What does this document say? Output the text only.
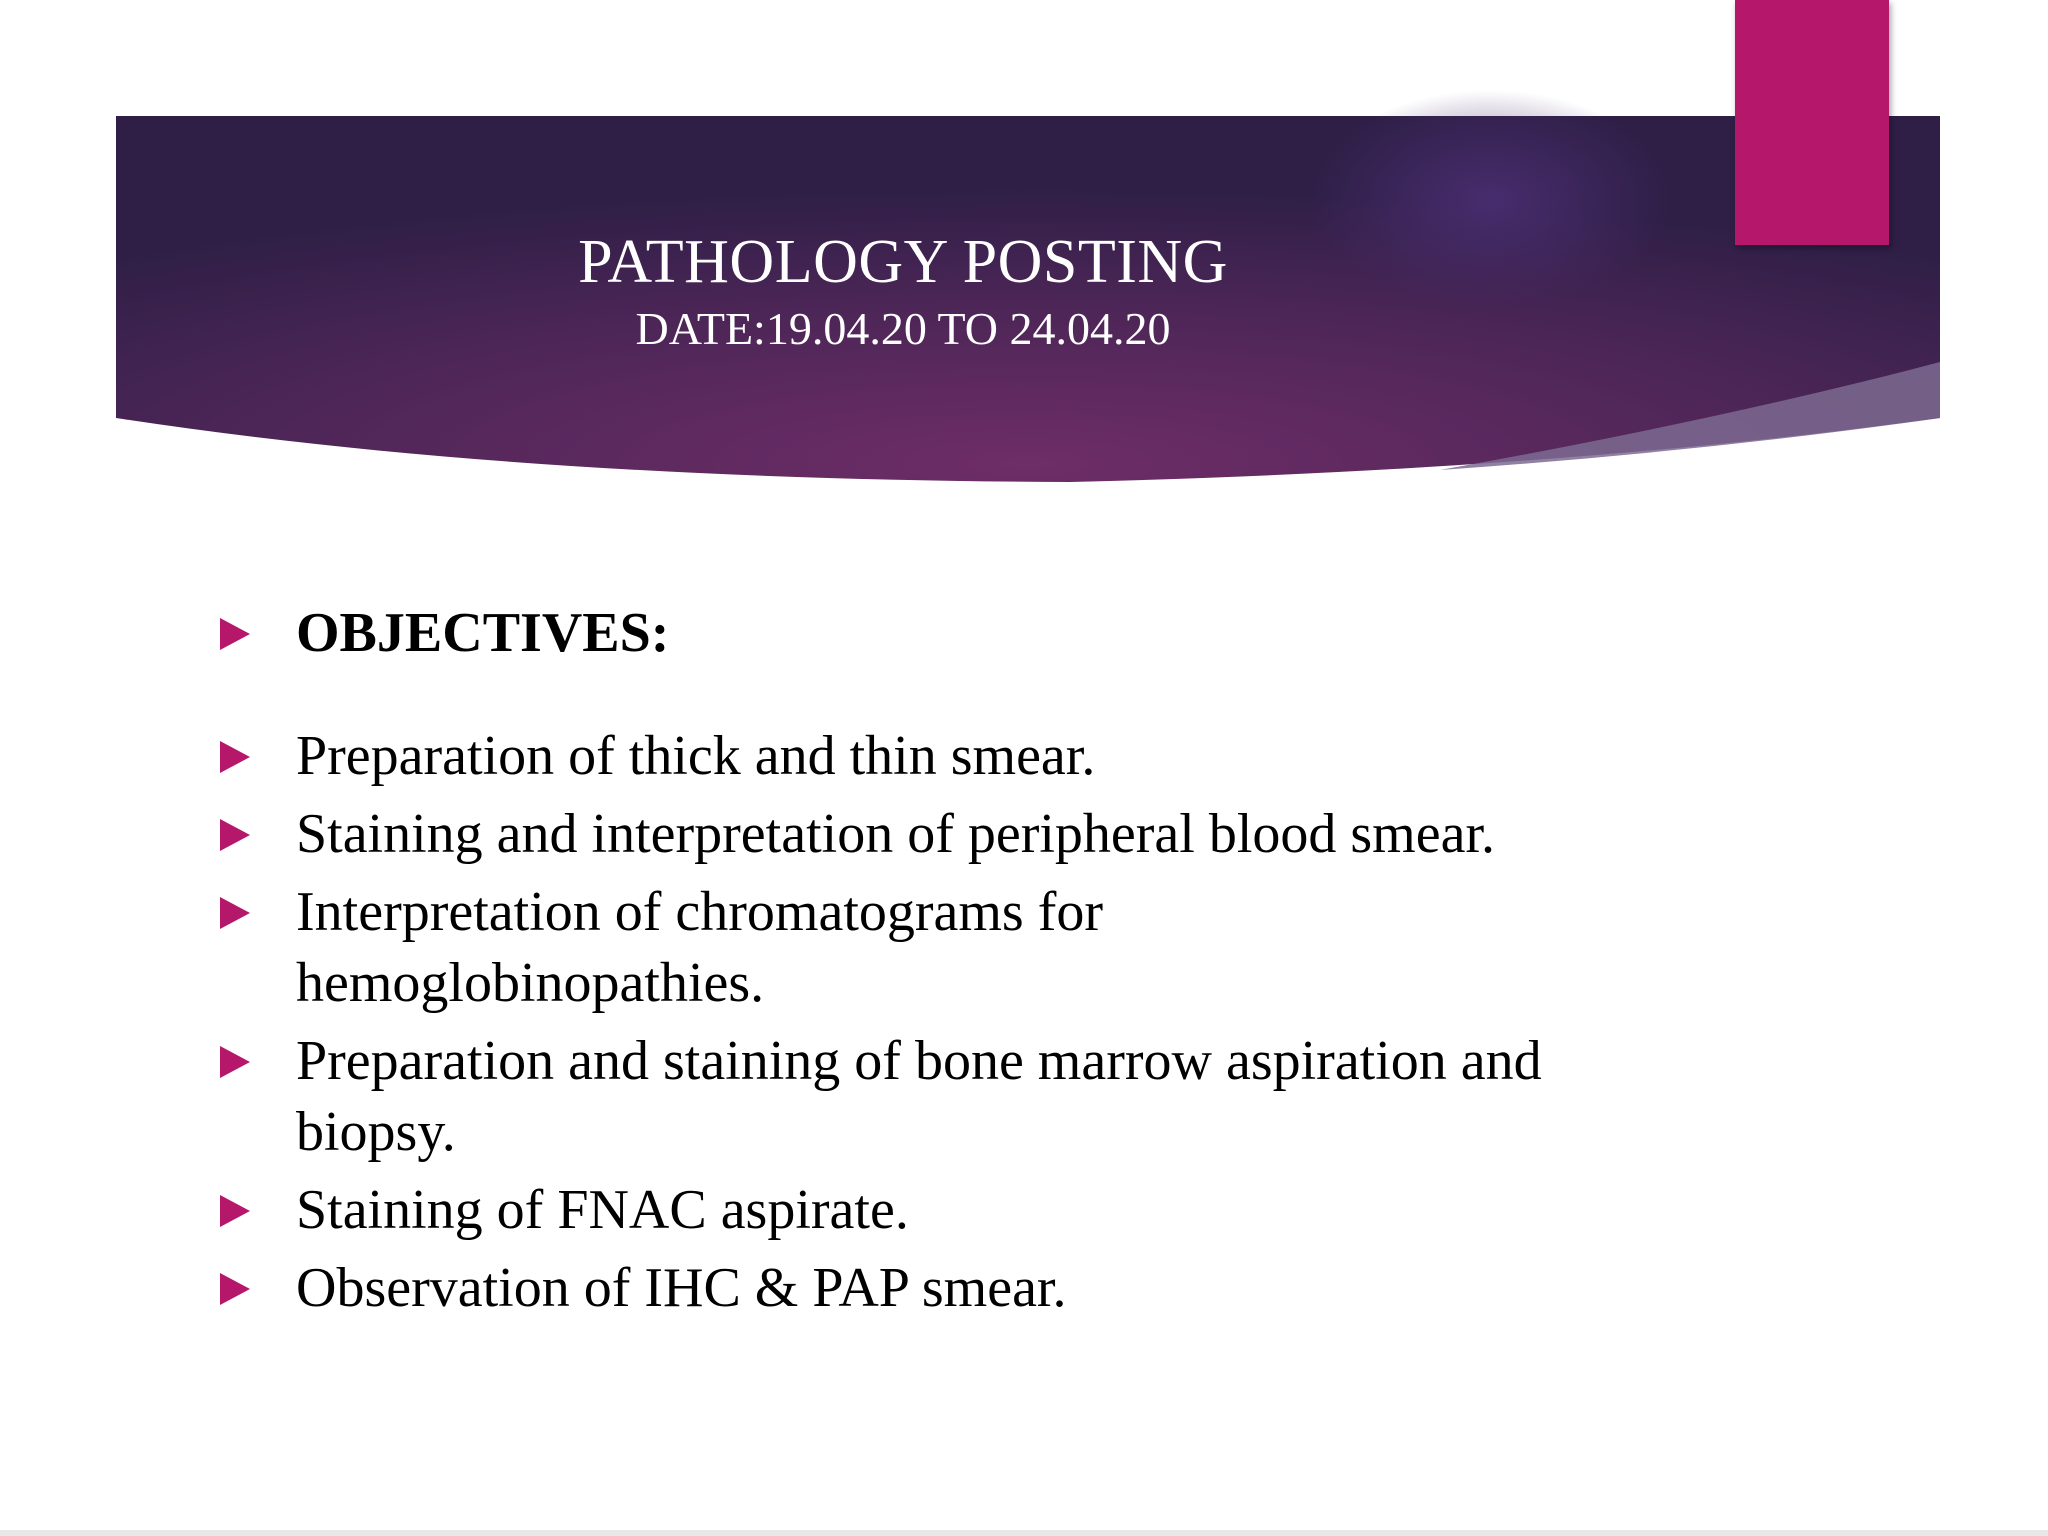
PATHOLOGY POSTING
DATE:19.04.20 TO 24.04.20
OBJECTIVES:
Preparation of thick and thin smear.
Staining and interpretation of peripheral blood smear.
Interpretation of chromatograms for hemoglobinopathies.
Preparation and staining of bone marrow aspiration and biopsy.
Staining of FNAC aspirate.
Observation of IHC & PAP smear.
